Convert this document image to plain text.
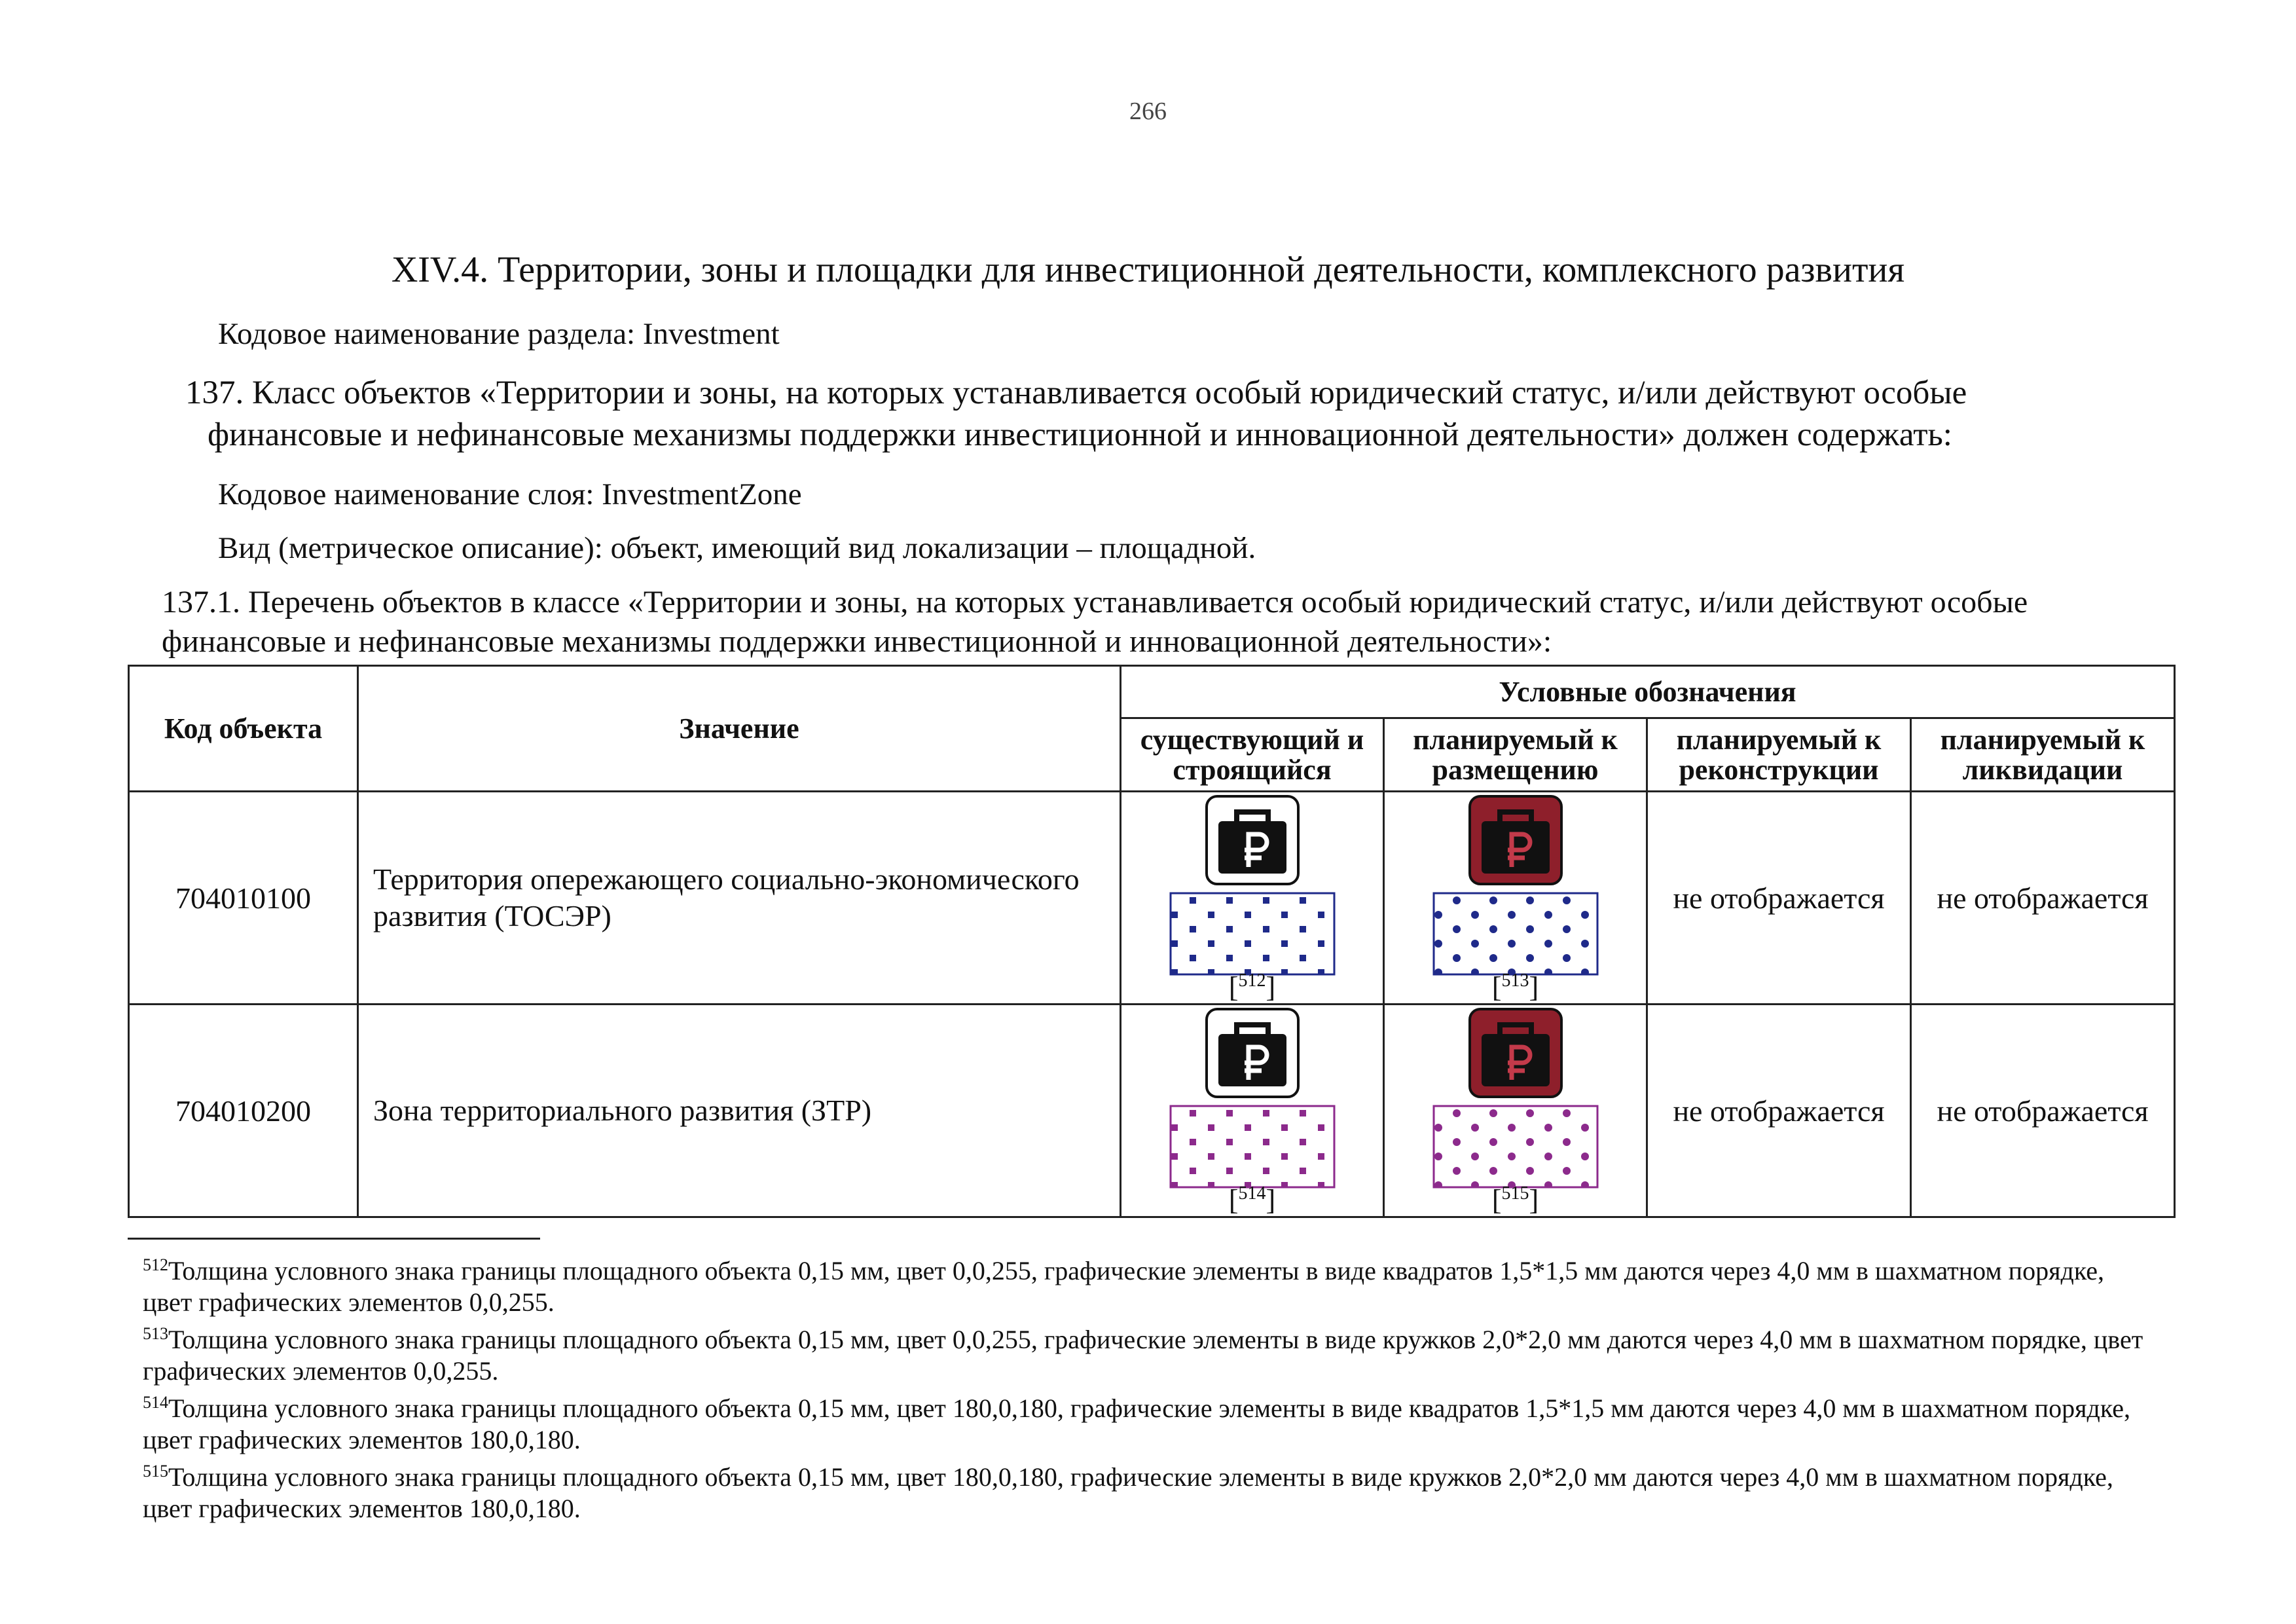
266
XIV.4. Территории, зоны и площадки для инвестиционной деятельности, комплексного развития
Кодовое наименование раздела: Investment
137. Класс объектов «Территории и зоны, на которых устанавливается особый юридический статус, и/или действуют особые
финансовые и нефинансовые механизмы поддержки инвестиционной и инновационной деятельности» должен содержать:
Кодовое наименование слоя: InvestmentZone
Вид (метрическое описание): объект, имеющий вид локализации – площадной.
137.1. Перечень объектов в классе «Территории и зоны, на которых устанавливается особый юридический статус, и/или действуют особые
финансовые и нефинансовые механизмы поддержки инвестиционной и инновационной деятельности»:
Код объекта	Значение	Условные обозначения			
		существующий и строящийся	планируемый к размещению	планируемый к реконструкции	планируемый к ликвидации
704010100	Территория опережающего социально-экономического развития (ТОСЭР)	[$^{512}$]	[$^{513}$]	не отображается	не отображается
704010200	Зона территориального развития (ЗТР)	[$^{514}$]	[$^{515}$]	не отображается	не отображается
$^{512}$Толщина условного знака границы площадного объекта 0,15 мм, цвет 0,0,255, графические элементы в виде квадратов 1,5*1,5 мм даются через 4,0 мм в шахматном порядке, цвет графических элементов 0,0,255.
$^{513}$Толщина условного знака границы площадного объекта 0,15 мм, цвет 0,0,255, графические элементы в виде кружков 2,0*2,0 мм даются через 4,0 мм в шахматном порядке, цвет графических элементов 0,0,255.
$^{514}$Толщина условного знака границы площадного объекта 0,15 мм, цвет 180,0,180, графические элементы в виде квадратов 1,5*1,5 мм даются через 4,0 мм в шахматном порядке, цвет графических элементов 180,0,180.
$^{515}$Толщина условного знака границы площадного объекта 0,15 мм, цвет 180,0,180, графические элементы в виде кружков 2,0*2,0 мм даются через 4,0 мм в шахматном порядке, цвет графических элементов 180,0,180.
